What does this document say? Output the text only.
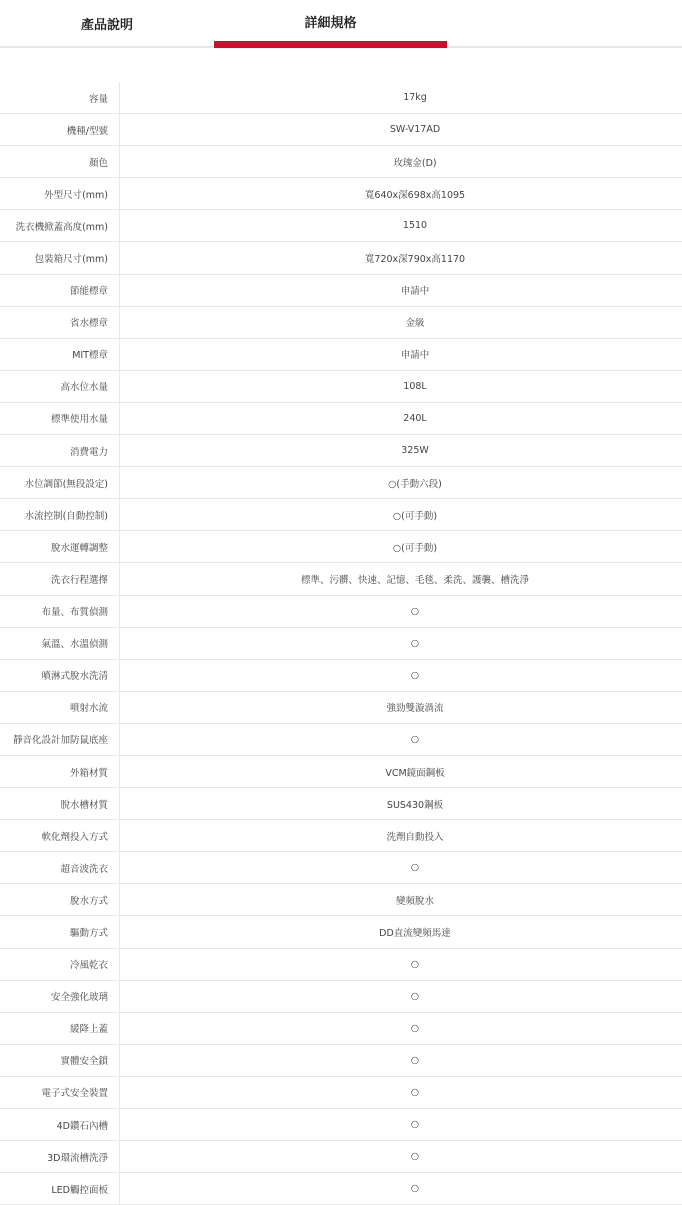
產品說明	詳細規格
容量	17kg
機種/型號	SW-V17AD
顏色	玫瑰金(D)
外型尺寸(mm)	寬640x深698x高1095
洗衣機掀蓋高度(mm)	1510
包裝箱尺寸(mm)	寬720x深790x高1170
節能標章	申請中
省水標章	金級
MIT標章	申請中
高水位水量	108L
標準使用水量	240L
消費電力	325W
水位調節(無段設定)	○(手動六段)
水流控制(自動控制)	○(可手動)
脫水運轉調整	○(可手動)
洗衣行程選擇	標準、污髒、快速、記憶、毛毯、柔洗、護襲、槽洗淨
布量、布質偵測	○
氣溫、水溫偵測	○
噴淋式脫水洗清	○
噴射水流	強勁雙漩渦流
靜音化設計加防鼠底座	○
外箱材質	VCM鏡面鋼板
脫水槽材質	SUS430鋼板
軟化劑投入方式	洗劑自動投入
超音波洗衣	○
脫水方式	變頻脫水
驅動方式	DD直流變頻馬達
冷風乾衣	○
安全強化玻璃	○
緩降上蓋	○
實體安全鎖	○
電子式安全裝置	○
4D鑽石內槽	○
3D環流槽洗淨	○
LED觸控面板	○
